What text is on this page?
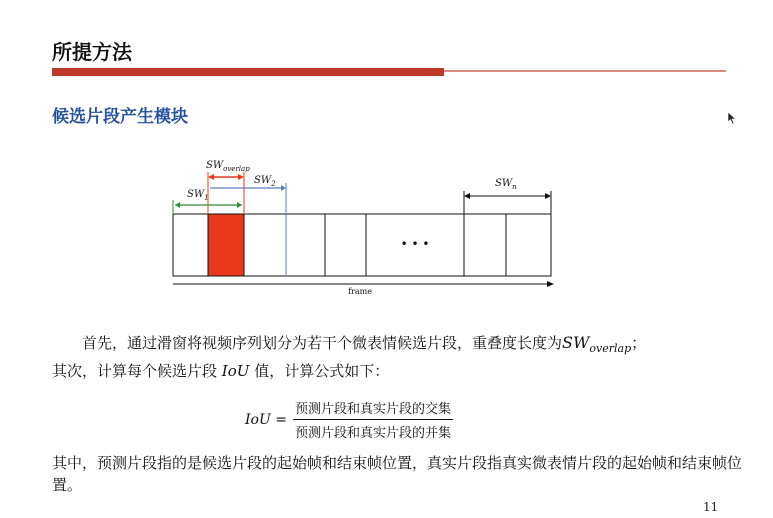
所提方法
候选片段产生模块
• • •
$SW_1$
$SW_2$
$SW_{overlap}$
$SW_n$
frame
首先，通过滑窗将视频序列划分为若干个微表情候选片段，重叠度长度为$SW_{overlap}$；
其次，计算每个候选片段 IoU 值，计算公式如下：
IoU = $\frac{\text{预测片段和真实片段的交集}}{\text{预测片段和真实片段的并集}}$
其中，预测片段指的是候选片段的起始帧和结束帧位置，真实片段指真实微表情片段的起始帧和结束帧位置。
11
